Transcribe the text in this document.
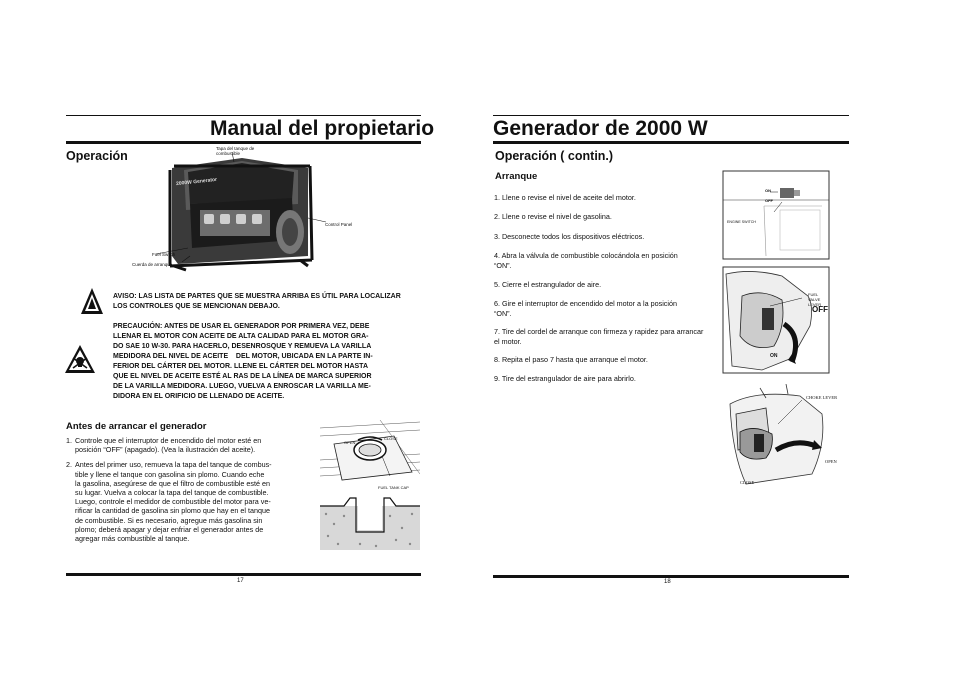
Manual del propietario
Operación
2000W Generator
Tapa del tanque de combustible
Control Panel
Fuel Switch
Cuerda de arranque
AVISO: LAS LISTA DE PARTES QUE SE MUESTRA ARRIBA ES ÚTIL PARA LOCALIZAR LOS CONTROLES QUE SE MENCIONAN DEBAJO.
PRECAUCIÓN: ANTES DE USAR EL GENERADOR POR PRIMERA VEZ, DEBE
LLENAR EL MOTOR CON ACEITE DE ALTA CALIDAD PARA EL MOTOR GRA-
DO SAE 10 W-30. PARA HACERLO, DESENROSQUE Y REMUEVA LA VARILLA
MEDIDORA DEL NIVEL DE ACEITE    DEL MOTOR, UBICADA EN LA PARTE IN-
FERIOR DEL CÁRTER DEL MOTOR. LLENE EL CÁRTER DEL MOTOR HASTA
QUE EL NIVEL DE ACEITE ESTÉ AL RAS DE LA LÍNEA DE MARCA SUPERIOR
DE LA VARILLA MEDIDORA. LUEGO, VUELVA A ENROSCAR LA VARILLA ME-
DIDORA EN EL ORIFICIO DE LLENADO DE ACEITE.
Antes de arrancar el generador
1. Controle que el interruptor de encendido del motor esté en
posición “OFF” (apagado). (Vea la ilustración del aceite).
2. Antes del primer uso, remueva la tapa del tanque de combus-
tible y llene el tanque con gasolina sin plomo. Cuando eche
la gasolina, asegúrese de que el filtro de combustible esté en
su lugar. Vuelva a colocar la tapa del tanque de combustible.
Luego, controle el medidor de combustible del motor para ve-
rificar la cantidad de gasolina sin plomo que hay en el tanque
de combustible. Si es necesario, agregue más gasolina sin
plomo; deberá apagar y dejar enfriar el generador antes de
agregar más combustible al tanque.
OPEN
CLOSE
FUEL TANK CAP
17
Generador de 2000 W
Operación ( contin.)
Arranque
1. Llene o revise el nivel de aceite del motor.
2. Llene o revise el nivel de gasolina.
3. Desconecte todos los dispositivos eléctricos.
4. Abra la válvula de combustible colocándola en posición “ON”.
5. Cierre el estrangulador de aire.
6. Gire el interruptor de encendido del motor a la posición “ON”.
7. Tire del cordel de arranque con firmeza y rapidez para arrancar el motor.
8. Repita el paso 7 hasta que arranque el motor.
9. Tire del estrangulador de aire para abrirlo.
ON
OFF
ENGINE SWITCH
FUEL VALVE LEVER
OFF
ON
CHOKE LEVER
OPEN
CLOSE
18
